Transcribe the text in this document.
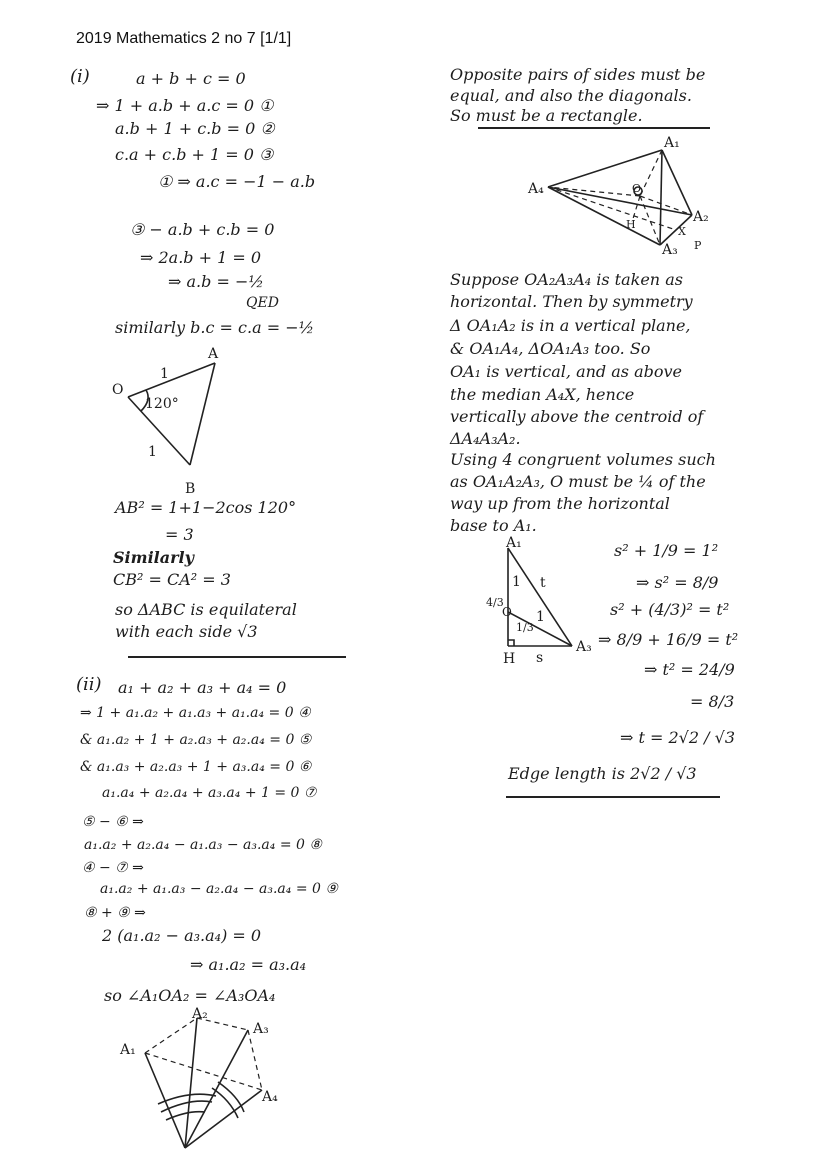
2019 Mathematics 2 no 7 [1/1]
(i)	a + b + c = 0
⇒ 1 + a.b + a.c = 0 ①
a.b + 1 + c.b = 0 ②
c.a + c.b + 1 = 0 ③
① ⇒ a.c = −1 − a.b
③ − a.b + c.b = 0
⇒ 2a.b + 1 = 0
⇒ a.b = −½
QED
similarly b.c = c.a = −½
A
O
1
120°
1
B
AB² = 1+1−2cos 120°
= 3
Similarly
CB² = CA² = 3
so ΔABC is equilateral
with each side √3
(ii) a₁ + a₂ + a₃ + a₄ = 0
⇒ 1 + a₁.a₂ + a₁.a₃ + a₁.a₄ = 0 ④
& a₁.a₂ + 1 + a₂.a₃ + a₂.a₄ = 0 ⑤
& a₁.a₃ + a₂.a₃ + 1 + a₃.a₄ = 0 ⑥
a₁.a₄ + a₂.a₄ + a₃.a₄ + 1 = 0 ⑦
⑤ − ⑥ ⇒
a₁.a₂ + a₂.a₄ − a₁.a₃ − a₃.a₄ = 0 ⑧
④ − ⑦ ⇒
a₁.a₂ + a₁.a₃ − a₂.a₄ − a₃.a₄ = 0 ⑨
⑧ + ⑨ ⇒
2 (a₁.a₂ − a₃.a₄) = 0
⇒ a₁.a₂ = a₃.a₄
so ∠A₁OA₂ = ∠A₃OA₄
A₁
A₂
A₃
A₄
Opposite pairs of sides must be
equal, and also the diagonals.
So must be a rectangle.
A₁
A₄
A₂
A₃
H
X
P
O
Suppose OA₂A₃A₄ is taken as
horizontal. Then by symmetry
Δ OA₁A₂ is in a vertical plane,
& OA₁A₄, ΔOA₁A₃ too. So
OA₁ is vertical, and as above
the median A₄X, hence
vertically above the centroid of
ΔA₄A₃A₂.
Using 4 congruent volumes such
as OA₁A₂A₃, O must be ¼ of the
way up from the horizontal
base to A₁.
A₁
1 t
4/3
O 1
1/3
H s
A₃
s² + 1/9 = 1²
⇒ s² = 8/9
s² + (4/3)² = t²
⇒ 8/9 + 16/9 = t²
⇒ t² = 24/9
= 8/3
⇒ t = 2√2 / √3
Edge length is 2√2 / √3
